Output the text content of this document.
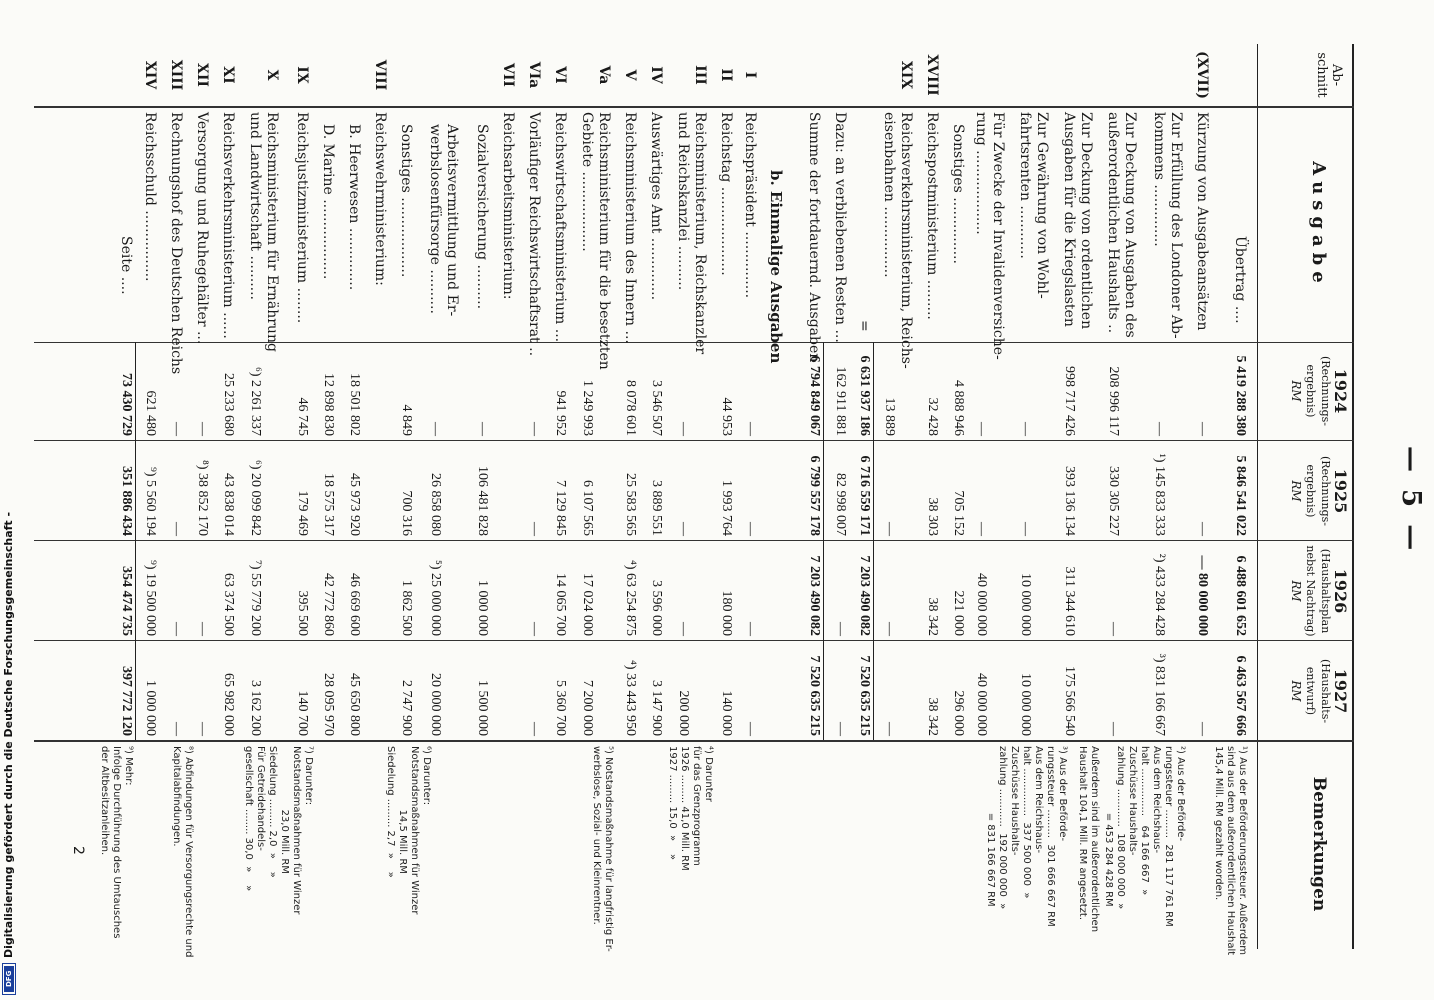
— 5 —
Ab-
schnitt
Ausgabe
1924
(Rechnungs-
ergebnis)
RM
1925
(Rechnungs-
ergebnis)
RM
1926
(Haushaltsplan
nebst Nachtrag)
RM
1927
(Haushalts-
entwurf)
RM
Bemerkungen
Übertrag ....
5 419 288 380
5 846 541 022
6 488 601 652
6 463 567 666
(XVII)
Kürzung von Ausgabeansätzen
—
—
— 80 000 000
—
Zur Erfüllung des Londoner Ab-
kommens ..............
—
¹) 145 833 333
²) 433 284 428
³) 831 166 667
Zur Deckung von Ausgaben des
außerordentlichen Haushalts ..
208 996 117
330 305 227
—
—
Zur Deckung von ordentlichen
Ausgaben für die Kriegslasten
998 717 426
393 136 134
311 344 610
175 566 540
Zur Gewährung von Wohl-
fahrtsrenten ............
—
—
10 000 000
10 000 000
Für Zwecke der Invalidenversiche-
rung ...................
—
—
40 000 000
40 000 000
Sonstiges ...............
4 888 946
705 152
221 000
296 000
XVIII
Reichspostministerium .........
32 428
38 303
38 342
38 342
XIX
Reichsverkehrsministerium, Reichs-
eisenbahnen ................
13 889
—
—
—
=
6 631 937 186
6 716 559 171
7 203 490 082
7 520 635 215
Dazu: an verbliebenen Resten ...
162 911 881
82 998 007
—
—
Summe der fortdauernd. Ausgaben
6 794 849 067
6 799 557 178
7 203 490 082
7 520 635 215
b. Einmalige Ausgaben
I
Reichspräsident ...............
—
—
—
—
II
Reichstag ....................
44 953
1 993 764
180 000
140 000
III
Reichsministerium, Reichskanzler
und Reichskanzlei ..........
—
—
—
200 000
IV
Auswärtiges Amt ..............
3 546 507
3 889 551
3 596 000
3 147 900
V
Reichsministerium des Innern ...
8 078 601
25 583 565
⁴) 63 254 875
⁴) 33 443 950
Va
Reichsministerium für die besetzten
Gebiete ..................
1 249 993
6 107 565
17 024 000
7 200 000
VI
Reichswirtschaftsministerium ...
941 952
7 129 845
14 065 700
5 360 700
VIa
Vorläufiger Reichswirtschaftsrat ..
—
—
—
—
VII
Reichsarbeitsministerium:
Sozialversicherung ..........
—
106 481 828
1 000 000
1 500 000
Arbeitsvermittlung und Er-
werbslosenfürsorge ..........
—
26 858 080
⁵) 25 000 000
20 000 000
Sonstiges ..................
4 849
700 316
1 862 500
2 747 900
VIII
Reichswehrministerium:
B. Heerwesen ..............
18 501 802
45 973 920
46 669 600
45 650 800
D. Marine ..................
12 898 830
18 575 317
42 772 860
28 095 970
IX
Reichsjustizministerium ........
46 745
179 469
395 500
140 700
X
Reichsministerium für Ernährung
und Landwirtschaft ..........
⁶) 2 261 337
⁶) 20 099 842
⁷) 55 779 200
3 162 200
XI
Reichsverkehrsministerium ......
25 233 680
43 838 014
63 374 500
65 982 000
XII
Versorgung und Ruhegehälter ...
—
⁸) 38 852 170
—
—
XIII
Rechnungshof des Deutschen Reichs
—
—
—
—
XIV
Reichsschuld ................
621 480
⁹) 5 560 194
⁹) 19 500 000
1 000 000
Seite ....
73 430 729
351 886 434
354 474 735
397 772 120
¹) Aus der Beförderungssteuer. Außerdem
sind aus dem außerordentlichen Haushalt
145,4 Mill. RM gezahlt worden.
²) Aus der Beförde-
rungssteuer .........  281 117 761 RM
Aus dem Reichshaus-
halt ...............   64 166 667  »
Zuschüsse Haushalts-
zahlung ............  108 000 000  »
= 453 284 428 RM
Außerdem sind im außerordentlichen
Haushalt 104,1 Mill. RM angesetzt.
³) Aus der Beförde-
rungssteuer .........  301 666 667 RM
Aus dem Reichshaus-
halt ...............  337 500 000  »
Zuschüsse Haushalts-
zahlung ............  192 000 000  »
= 831 166 667 RM
⁴) Darunter
für das Grenzprogramm
1926 ......... 41,0 Mill. RM
1927 ......... 15,0  »    »
⁵) Notstandsmaßnahme für langfristig Er-
werbslose, Sozial- und Kleinrentner.
⁶) Darunter:
Notstandsmaßnahmen für Winzer
14,5 Mill. RM
Siedelung ......... 2,7  »    »
⁷) Darunter:
Notstandsmaßnahmen für Winzer
23,0 Mill. RM
Siedelung ......... 2,0  »    »
Für Getreidehandels-
gesellschaft ........ 30,0  »    »
⁸) Abfindungen für Versorgungsrechte und
Kapitalabfindungen.
⁹) Mehr:
Infolge Durchführung des Umtausches
der Altbesitzanleihen.
2
Digitalisierung gefördert durch die Deutsche Forschungsgemeinschaft -
DFG
